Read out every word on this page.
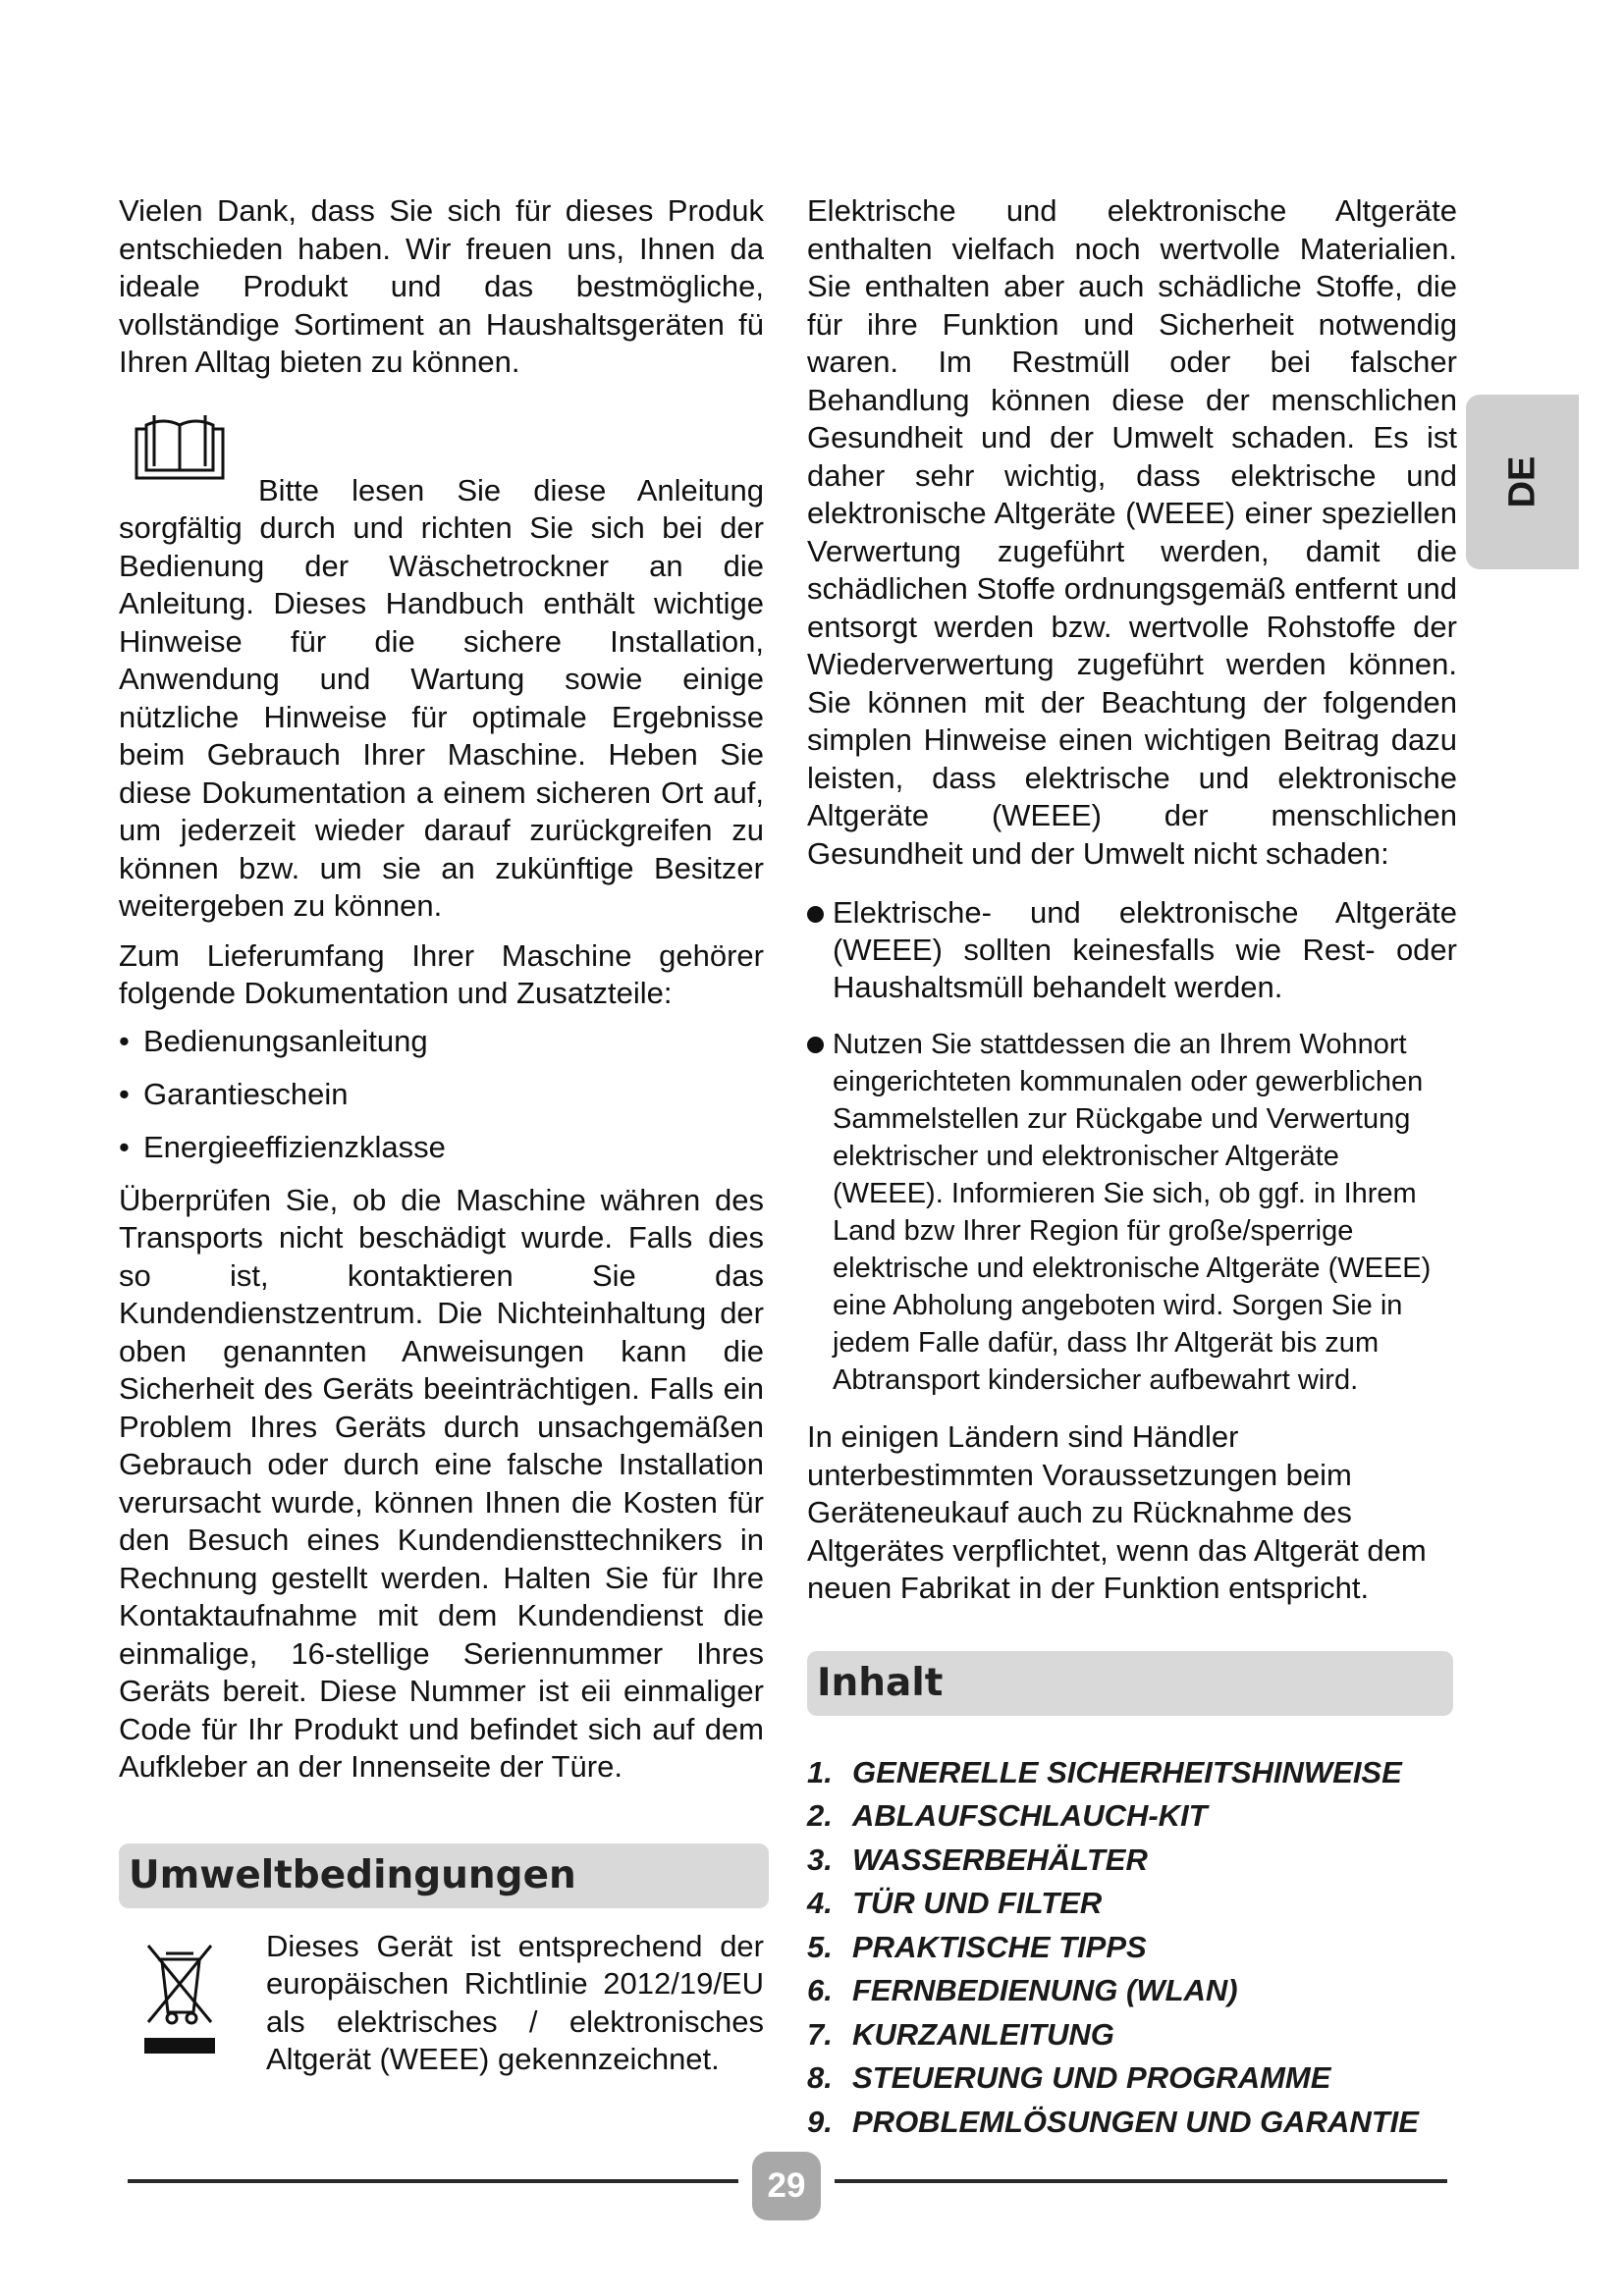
DE

Vielen Dank, dass Sie sich für dieses Produk entschieden haben. Wir freuen uns, Ihnen da ideale Produkt und das bestmögliche, vollständige Sortiment an Haushaltsgeräten fü Ihren Alltag bieten zu können.

Bitte lesen Sie diese Anleitung sorgfältig durch und richten Sie sich bei der Bedienung der Wäschetrockner an die Anleitung. Dieses Handbuch enthält wichtige Hinweise für die sichere Installation, Anwendung und Wartung sowie einige nützliche Hinweise für optimale Ergebnisse beim Gebrauch Ihrer Maschine. Heben Sie diese Dokumentation a einem sicheren Ort auf, um jederzeit wieder darauf zurückgreifen zu können bzw. um sie an zukünftige Besitzer weitergeben zu können.

Zum Lieferumfang Ihrer Maschine gehörer folgende Dokumentation und Zusatzteile:

• Bedienungsanleitung
• Garantieschein
• Energieeffizienzklasse

Überprüfen Sie, ob die Maschine währen des Transports nicht beschädigt wurde. Falls dies so ist, kontaktieren Sie das Kundendienstzentrum. Die Nichteinhaltung der oben genannten Anweisungen kann die Sicherheit des Geräts beeinträchtigen. Falls ein Problem Ihres Geräts durch unsachgemäßen Gebrauch oder durch eine falsche Installation verursacht wurde, können Ihnen die Kosten für den Besuch eines Kundendiensttechnikers in Rechnung gestellt werden. Halten Sie für Ihre Kontaktaufnahme mit dem Kundendienst die einmalige, 16-stellige Seriennummer Ihres Geräts bereit. Diese Nummer ist eii einmaliger Code für Ihr Produkt und befindet sich auf dem Aufkleber an der Innenseite der Türe.

Umweltbedingungen

Dieses Gerät ist entsprechend der europäischen Richtlinie 2012/19/EU als elektrisches / elektronisches Altgerät (WEEE) gekennzeichnet.

Elektrische und elektronische Altgeräte enthalten vielfach noch wertvolle Materialien. Sie enthalten aber auch schädliche Stoffe, die für ihre Funktion und Sicherheit notwendig waren. Im Restmüll oder bei falscher Behandlung können diese der menschlichen Gesundheit und der Umwelt schaden. Es ist daher sehr wichtig, dass elektrische und elektronische Altgeräte (WEEE) einer speziellen Verwertung zugeführt werden, damit die schädlichen Stoffe ordnungsgemäß entfernt und entsorgt werden bzw. wertvolle Rohstoffe der Wiederverwertung zugeführt werden können. Sie können mit der Beachtung der folgenden simplen Hinweise einen wichtigen Beitrag dazu leisten, dass elektrische und elektronische Altgeräte (WEEE) der menschlichen Gesundheit und der Umwelt nicht schaden:

Elektrische- und elektronische Altgeräte (WEEE) sollten keinesfalls wie Rest- oder Haushaltsmüll behandelt werden.
Nutzen Sie stattdessen die an Ihrem Wohnort eingerichteten kommunalen oder gewerblichen Sammelstellen zur Rückgabe und Verwertung elektrischer und elektronischer Altgeräte (WEEE). Informieren Sie sich, ob ggf. in Ihrem Land bzw Ihrer Region für große/sperrige elektrische und elektronische Altgeräte (WEEE) eine Abholung angeboten wird. Sorgen Sie in jedem Falle dafür, dass Ihr Altgerät bis zum Abtransport kindersicher aufbewahrt wird.

In einigen Ländern sind Händler unterbestimmten Voraussetzungen beim Geräteneukauf auch zu Rücknahme des Altgerätes verpflichtet, wenn das Altgerät dem neuen Fabrikat in der Funktion entspricht.

Inhalt
1. GENERELLE SICHERHEITSHINWEISE
2. ABLAUFSCHLAUCH-KIT
3. WASSERBEHÄLTER
4. TÜR UND FILTER
5. PRAKTISCHE TIPPS
6. FERNBEDIENUNG (WLAN)
7. KURZANLEITUNG
8. STEUERUNG UND PROGRAMME
9. PROBLEMLÖSUNGEN UND GARANTIE
29
